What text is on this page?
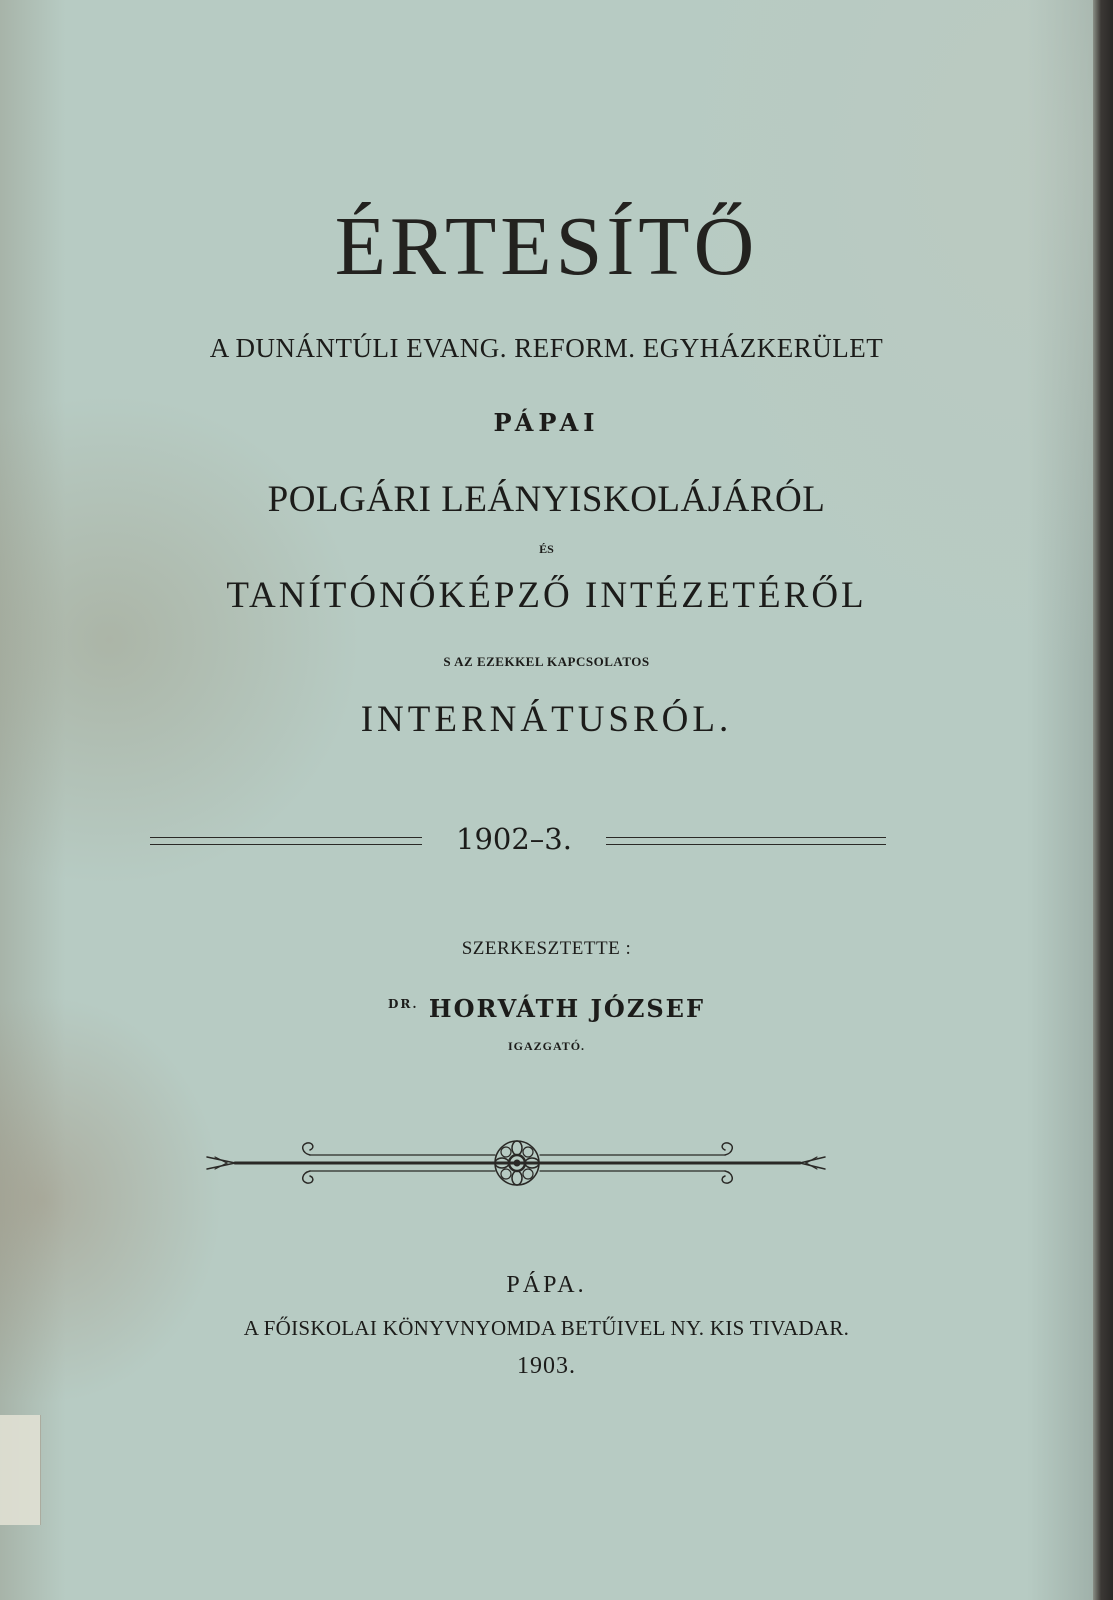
ÉRTESÍTŐ
A DUNÁNTÚLI EVANG. REFORM. EGYHÁZKERÜLET
PÁPAI
POLGÁRI LEÁNYISKOLÁJÁRÓL
ÉS
TANÍTÓNŐKÉPZŐ INTÉZETÉRŐL
S AZ EZEKKEL KAPCSOLATOS
INTERNÁTUSRÓL.
1902–3.
SZERKESZTETTE :
$^{DR.}$ HORVÁTH JÓZSEF
IGAZGATÓ.
PÁPA.
A FŐISKOLAI KÖNYVNYOMDA BETŰIVEL NY. KIS TIVADAR.
1903.
